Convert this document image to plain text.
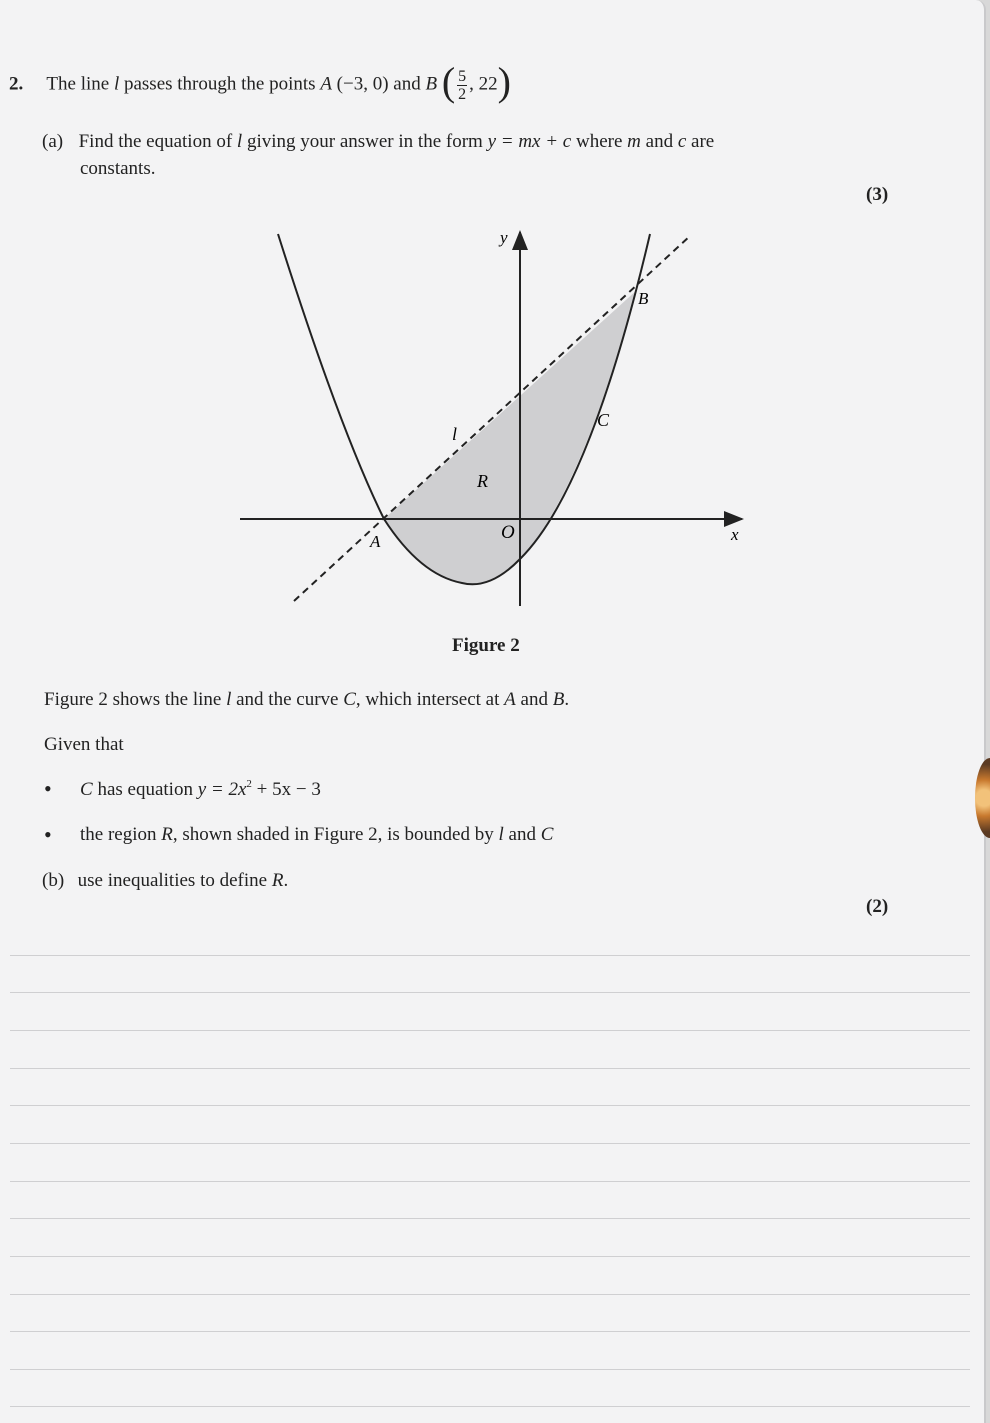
2. The line l passes through the points A (−3, 0) and B ( $\frac{5}{2}$ , 22)
(a) Find the equation of l giving your answer in the form y = mx + c where m and c are
constants.
(3)
y
x
O
A
B
l
C
R
Figure 2
Figure 2 shows the line l and the curve C, which intersect at A and B.
Given that
• C has equation $y = 2x^2 + 5x - 3$
• the region R, shown shaded in Figure 2, is bounded by l and C
(b) use inequalities to define R.
(2)
